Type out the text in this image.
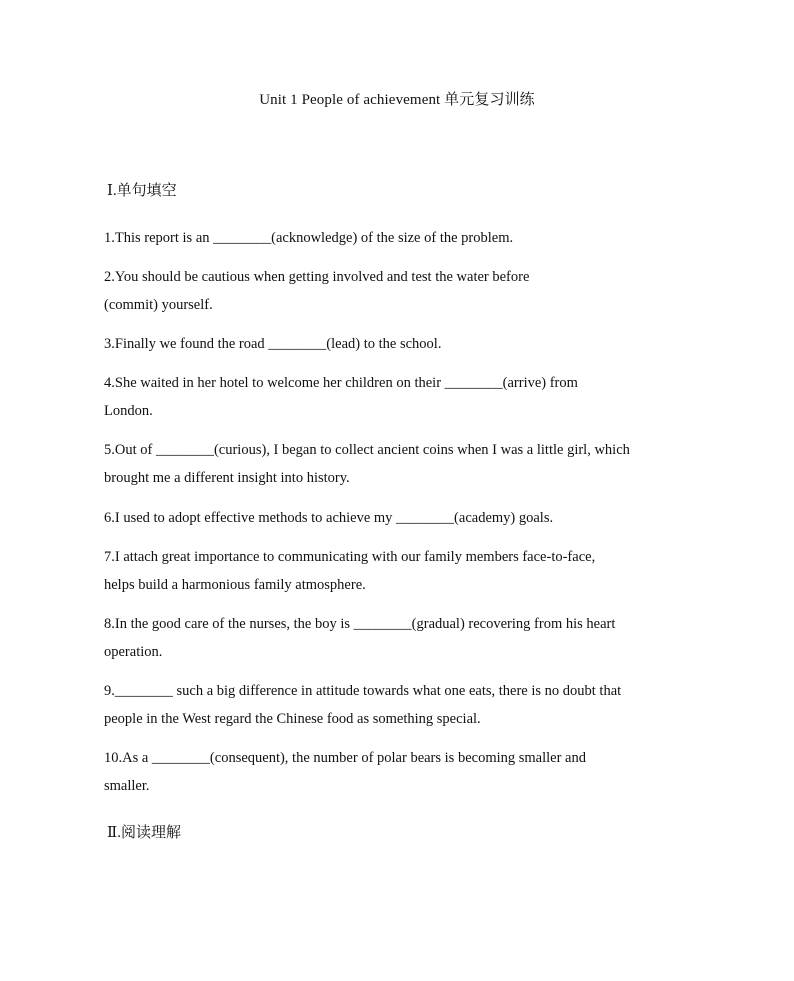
Unit 1 People of achievement 单元复习训练
Ⅰ.单句填空
1.This report is an ________(acknowledge) of the size of the problem.
2.You should be cautious when getting involved and test the water before
(commit) yourself.
3.Finally we found the road ________(lead) to the school.
4.She waited in her hotel to welcome her children on their ________(arrive) from
London.
5.Out of ________(curious), I began to collect ancient coins when I was a little girl, which
brought me a different insight into history.
6.I used to adopt effective methods to achieve my ________(academy) goals.
7.I attach great importance to communicating with our family members face-to-face,
helps build a harmonious family atmosphere.
8.In the good care of the nurses, the boy is ________(gradual) recovering from his heart
operation.
9.________ such a big difference in attitude towards what one eats, there is no doubt that
people in the West regard the Chinese food as something special.
10.As a ________(consequent), the number of polar bears is becoming smaller and
smaller.
Ⅱ.阅读理解
